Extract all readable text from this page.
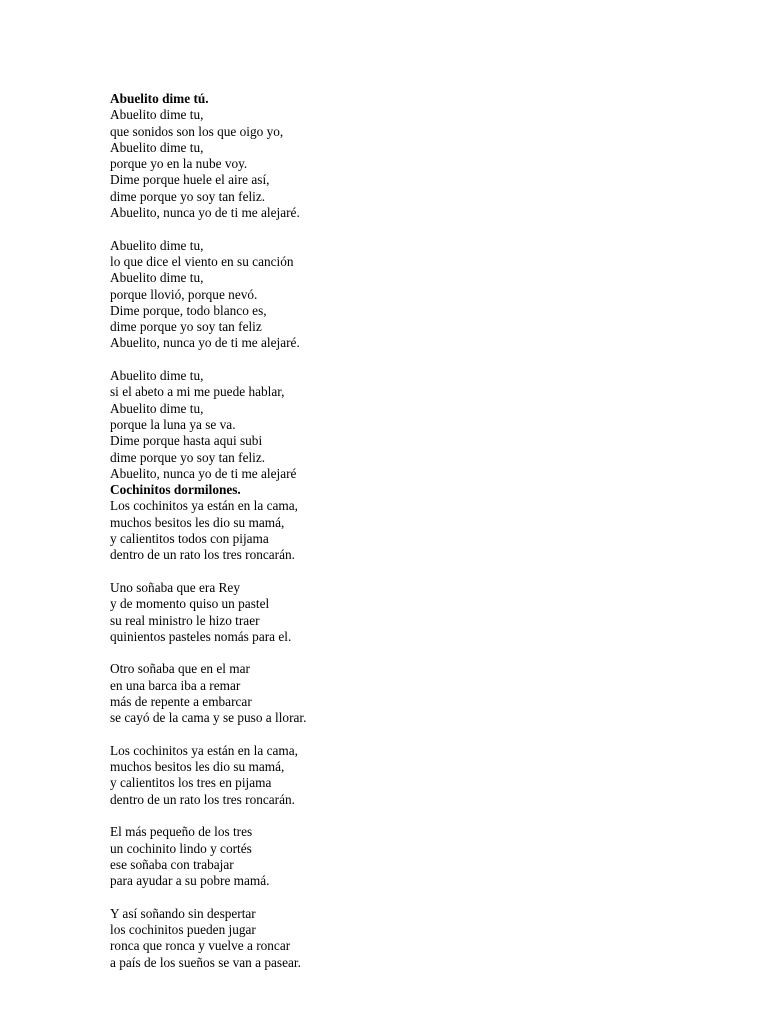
Abuelito dime tú.
Abuelito dime tu,
que sonidos son los que oigo yo,
Abuelito dime tu,
porque yo en la nube voy.
Dime porque huele el aire así,
dime porque yo soy tan feliz.
Abuelito, nunca yo de ti me alejaré.
Abuelito dime tu,
lo que dice el viento en su canción
Abuelito dime tu,
porque llovió, porque nevó.
Dime porque, todo blanco es,
dime porque yo soy tan feliz
Abuelito, nunca yo de ti me alejaré.
Abuelito dime tu,
si el abeto a mi me puede hablar,
Abuelito dime tu,
porque la luna ya se va.
Dime porque hasta aqui subi
dime porque yo soy tan feliz.
Abuelito, nunca yo de ti me alejaré
Cochinitos dormilones.
Los cochinitos ya están en la cama,
muchos besitos les dio su mamá,
y calientitos todos con pijama
dentro de un rato los tres roncarán.
Uno soñaba que era Rey
y de momento quiso un pastel
su real ministro le hizo traer
quinientos pasteles nomás para el.
Otro soñaba que en el mar
en una barca iba a remar
más de repente a embarcar
se cayó de la cama y se puso a llorar.
Los cochinitos ya están en la cama,
muchos besitos les dio su mamá,
y calientitos los tres en pijama
dentro de un rato los tres roncarán.
El más pequeño de los tres
un cochinito lindo y cortés
ese soñaba con trabajar
para ayudar a su pobre mamá.
Y así soñando sin despertar
los cochinitos pueden jugar
ronca que ronca y vuelve a roncar
a país de los sueños se van a pasear.
